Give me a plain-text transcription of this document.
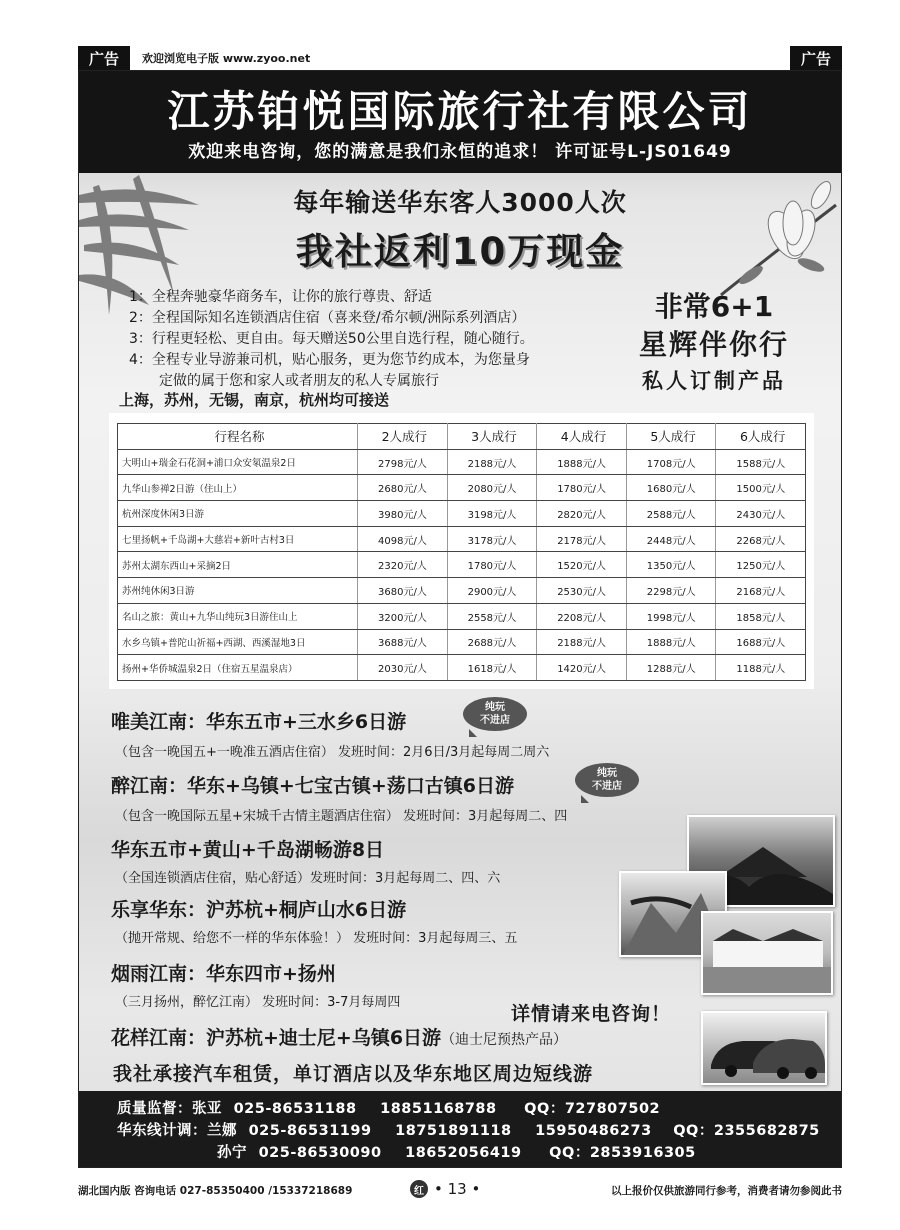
广告	欢迎浏览电子版 www.zyoo.net	广告
江苏铂悦国际旅行社有限公司
欢迎来电咨询，您的满意是我们永恒的追求！ 许可证号L-JS01649
每年输送华东客人3000人次
我社返利10万现金
1：全程奔驰豪华商务车，让你的旅行尊贵、舒适
2：全程国际知名连锁酒店住宿（喜来登/希尔顿/洲际系列酒店）
3：行程更轻松、更自由。每天赠送50公里自选行程，随心随行。
4：全程专业导游兼司机，贴心服务，更为您节约成本，为您量身
定做的属于您和家人或者朋友的私人专属旅行
非常6+1
星辉伴你行
私人订制产品
上海，苏州，无锡，南京，杭州均可接送
行程名称	2人成行	3人成行	4人成行	5人成行	6人成行
大明山+瑞金石花洞+浦口众安氡温泉2日	2798元/人	2188元/人	1888元/人	1708元/人	1588元/人
九华山参禅2日游（住山上）	2680元/人	2080元/人	1780元/人	1680元/人	1500元/人
杭州深度休闲3日游	3980元/人	3198元/人	2820元/人	2588元/人	2430元/人
七里扬帆+千岛湖+大慈岩+新叶古村3日	4098元/人	3178元/人	2178元/人	2448元/人	2268元/人
苏州太湖东西山+采摘2日	2320元/人	1780元/人	1520元/人	1350元/人	1250元/人
苏州纯休闲3日游	3680元/人	2900元/人	2530元/人	2298元/人	2168元/人
名山之旅：黄山+九华山纯玩3日游住山上	3200元/人	2558元/人	2208元/人	1998元/人	1858元/人
水乡乌镇+普陀山祈福+西湖、西溪湿地3日	3688元/人	2688元/人	2188元/人	1888元/人	1688元/人
扬州+华侨城温泉2日（住宿五星温泉店）	2030元/人	1618元/人	1420元/人	1288元/人	1188元/人
唯美江南：华东五市+三水乡6日游
纯玩
不进店
（包含一晚国五+一晚准五酒店住宿） 发班时间：2月6日/3月起每周二周六
醉江南：华东+乌镇+七宝古镇+荡口古镇6日游
纯玩
不进店
（包含一晚国际五星+宋城千古情主题酒店住宿） 发班时间：3月起每周二、四
华东五市+黄山+千岛湖畅游8日
（全国连锁酒店住宿，贴心舒适）发班时间：3月起每周二、四、六
乐享华东：沪苏杭+桐庐山水6日游
（抛开常规、给您不一样的华东体验！） 发班时间：3月起每周三、五
烟雨江南：华东四市+扬州
（三月扬州，醉忆江南） 发班时间：3-7月每周四
花样江南：沪苏杭+迪士尼+乌镇6日游（迪士尼预热产品）
详情请来电咨询！
我社承接汽车租赁，单订酒店以及华东地区周边短线游
质量监督：张亚 025-86531188 18851168788 QQ：727807502
华东线计调：兰娜 025-86531199 18751891118 15950486273 QQ：2355682875
孙宁 025-86530090 18652056419 QQ：2853916305
湖北国内版 咨询电话 027-85350400 /15337218689	红 • 13 •	以上报价仅供旅游同行参考，消费者请勿参阅此书
